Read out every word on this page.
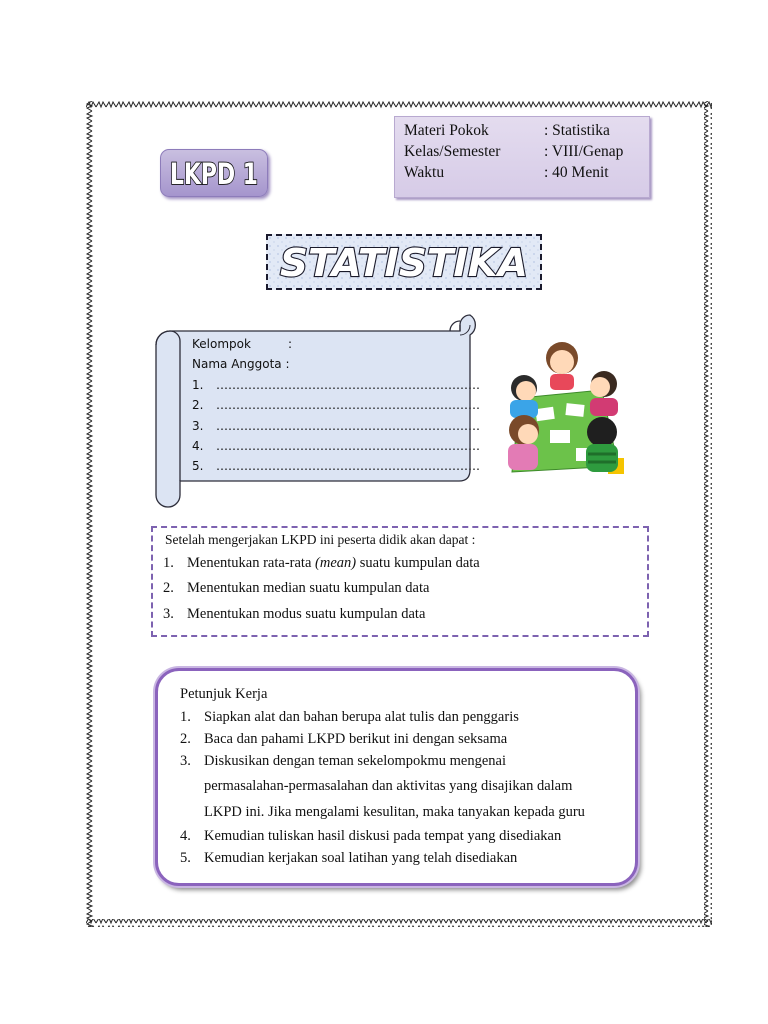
LKPD 1
Materi Pokok	: Statistika
Kelas/Semester	: VIII/Genap
Waktu	: 40 Menit
STATISTIKA
Kelompok	:
Nama Anggota :
1. …………………………………………………………
2. …………………………………………………………
3. …………………………………………………………
4. …………………………………………………………
5. …………………………………………………………
Setelah mengerjakan LKPD ini peserta didik akan dapat :
1. Menentukan rata-rata (mean) suatu kumpulan data
2. Menentukan median suatu kumpulan data
3. Menentukan modus suatu kumpulan data
Petunjuk Kerja
1. Siapkan alat dan bahan berupa alat tulis dan penggaris
2. Baca dan pahami LKPD berikut ini dengan seksama
3. Diskusikan dengan teman sekelompokmu mengenai
permasalahan-permasalahan dan aktivitas yang disajikan dalam
LKPD ini. Jika mengalami kesulitan, maka tanyakan kepada guru
4. Kemudian tuliskan hasil diskusi pada tempat yang disediakan
5. Kemudian kerjakan soal latihan yang telah disediakan
